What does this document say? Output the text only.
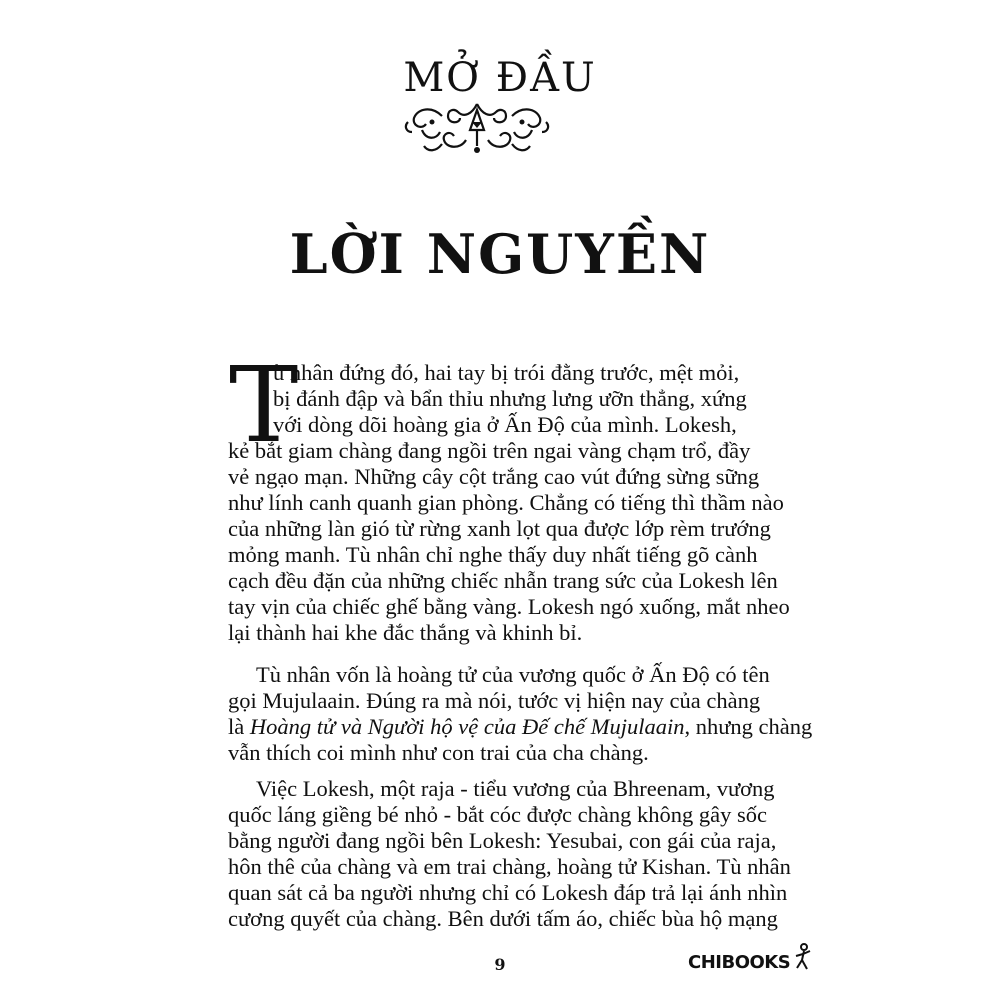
MỞ ĐẦU
LỜI NGUYỀN
T
ù nhân đứng đó, hai tay bị trói đằng trước, mệt mỏi,
bị đánh đập và bẩn thỉu nhưng lưng ưỡn thẳng, xứng
với dòng dõi hoàng gia ở Ấn Độ của mình. Lokesh,
kẻ bắt giam chàng đang ngồi trên ngai vàng chạm trổ, đầy
vẻ ngạo mạn. Những cây cột trắng cao vút đứng sừng sững
như lính canh quanh gian phòng. Chẳng có tiếng thì thầm nào
của những làn gió từ rừng xanh lọt qua được lớp rèm trướng
mỏng manh. Tù nhân chỉ nghe thấy duy nhất tiếng gõ cành
cạch đều đặn của những chiếc nhẫn trang sức của Lokesh lên
tay vịn của chiếc ghế bằng vàng. Lokesh ngó xuống, mắt nheo
lại thành hai khe đắc thắng và khinh bỉ.
Tù nhân vốn là hoàng tử của vương quốc ở Ấn Độ có tên
gọi Mujulaain. Đúng ra mà nói, tước vị hiện nay của chàng
là Hoàng tử và Người hộ vệ của Đế chế Mujulaain, nhưng chàng
vẫn thích coi mình như con trai của cha chàng.
Việc Lokesh, một raja - tiểu vương của Bhreenam, vương
quốc láng giềng bé nhỏ - bắt cóc được chàng không gây sốc
bằng người đang ngồi bên Lokesh: Yesubai, con gái của raja,
hôn thê của chàng và em trai chàng, hoàng tử Kishan. Tù nhân
quan sát cả ba người nhưng chỉ có Lokesh đáp trả lại ánh nhìn
cương quyết của chàng. Bên dưới tấm áo, chiếc bùa hộ mạng
9	CHIBOOKS
